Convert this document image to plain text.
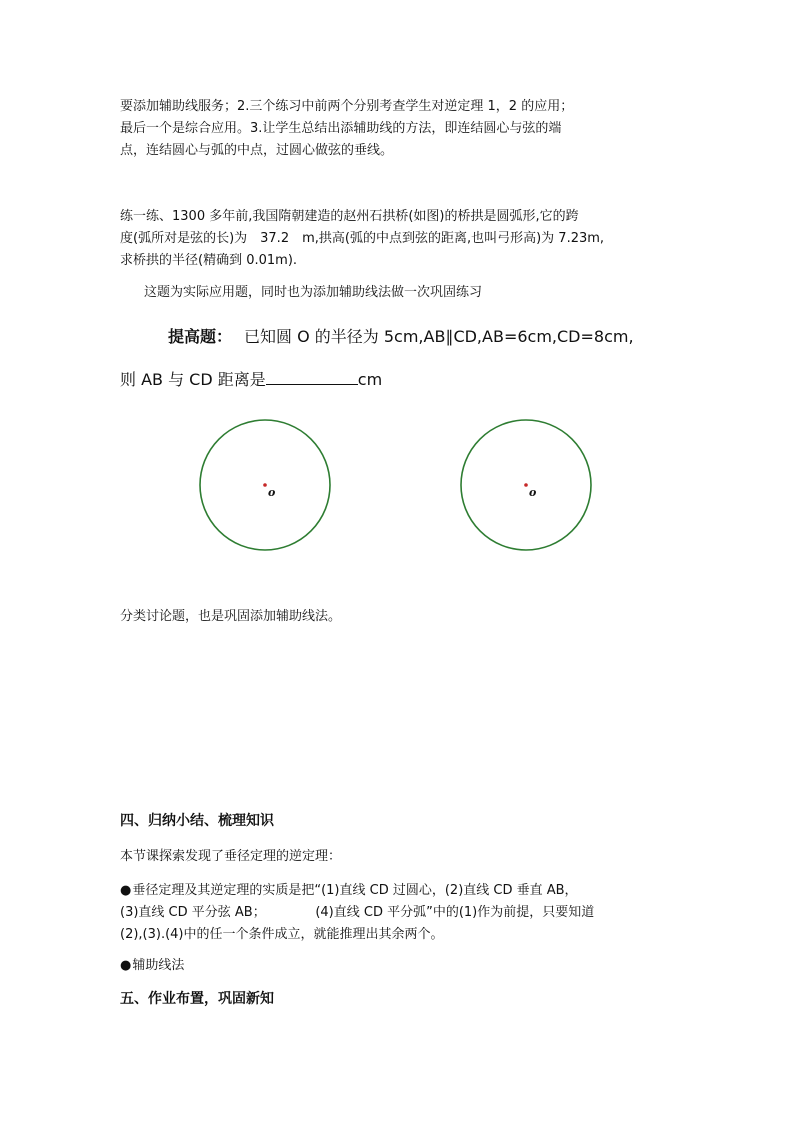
要添加辅助线服务；2.三个练习中前两个分别考查学生对逆定理 1，2 的应用；
最后一个是综合应用。3.让学生总结出添辅助线的方法，即连结圆心与弦的端
点，连结圆心与弧的中点，过圆心做弦的垂线。
练一练、1300 多年前,我国隋朝建造的赵州石拱桥(如图)的桥拱是圆弧形,它的跨
度(弧所对是弦的长)为　37.2　m,拱高(弧的中点到弦的距离,也叫弓形高)为 7.23m,
求桥拱的半径(精确到 0.01m).
这题为实际应用题，同时也为添加辅助线法做一次巩固练习
提高题： 已知圆 O 的半径为 5cm,AB∥CD,AB=6cm,CD=8cm,
则 AB 与 CD 距离是	cm
o	o
分类讨论题，也是巩固添加辅助线法。
四、归纳小结、梳理知识
本节课探索发现了垂径定理的逆定理：
●垂径定理及其逆定理的实质是把“(1)直线 CD 过圆心，(2)直线 CD 垂直 AB，
(3)直线 CD 平分弦 AB；　　　　 (4)直线 CD 平分弧”中的(1)作为前提，只要知道
(2),(3).(4)中的任一个条件成立，就能推理出其余两个。
●辅助线法
五、作业布置，巩固新知
